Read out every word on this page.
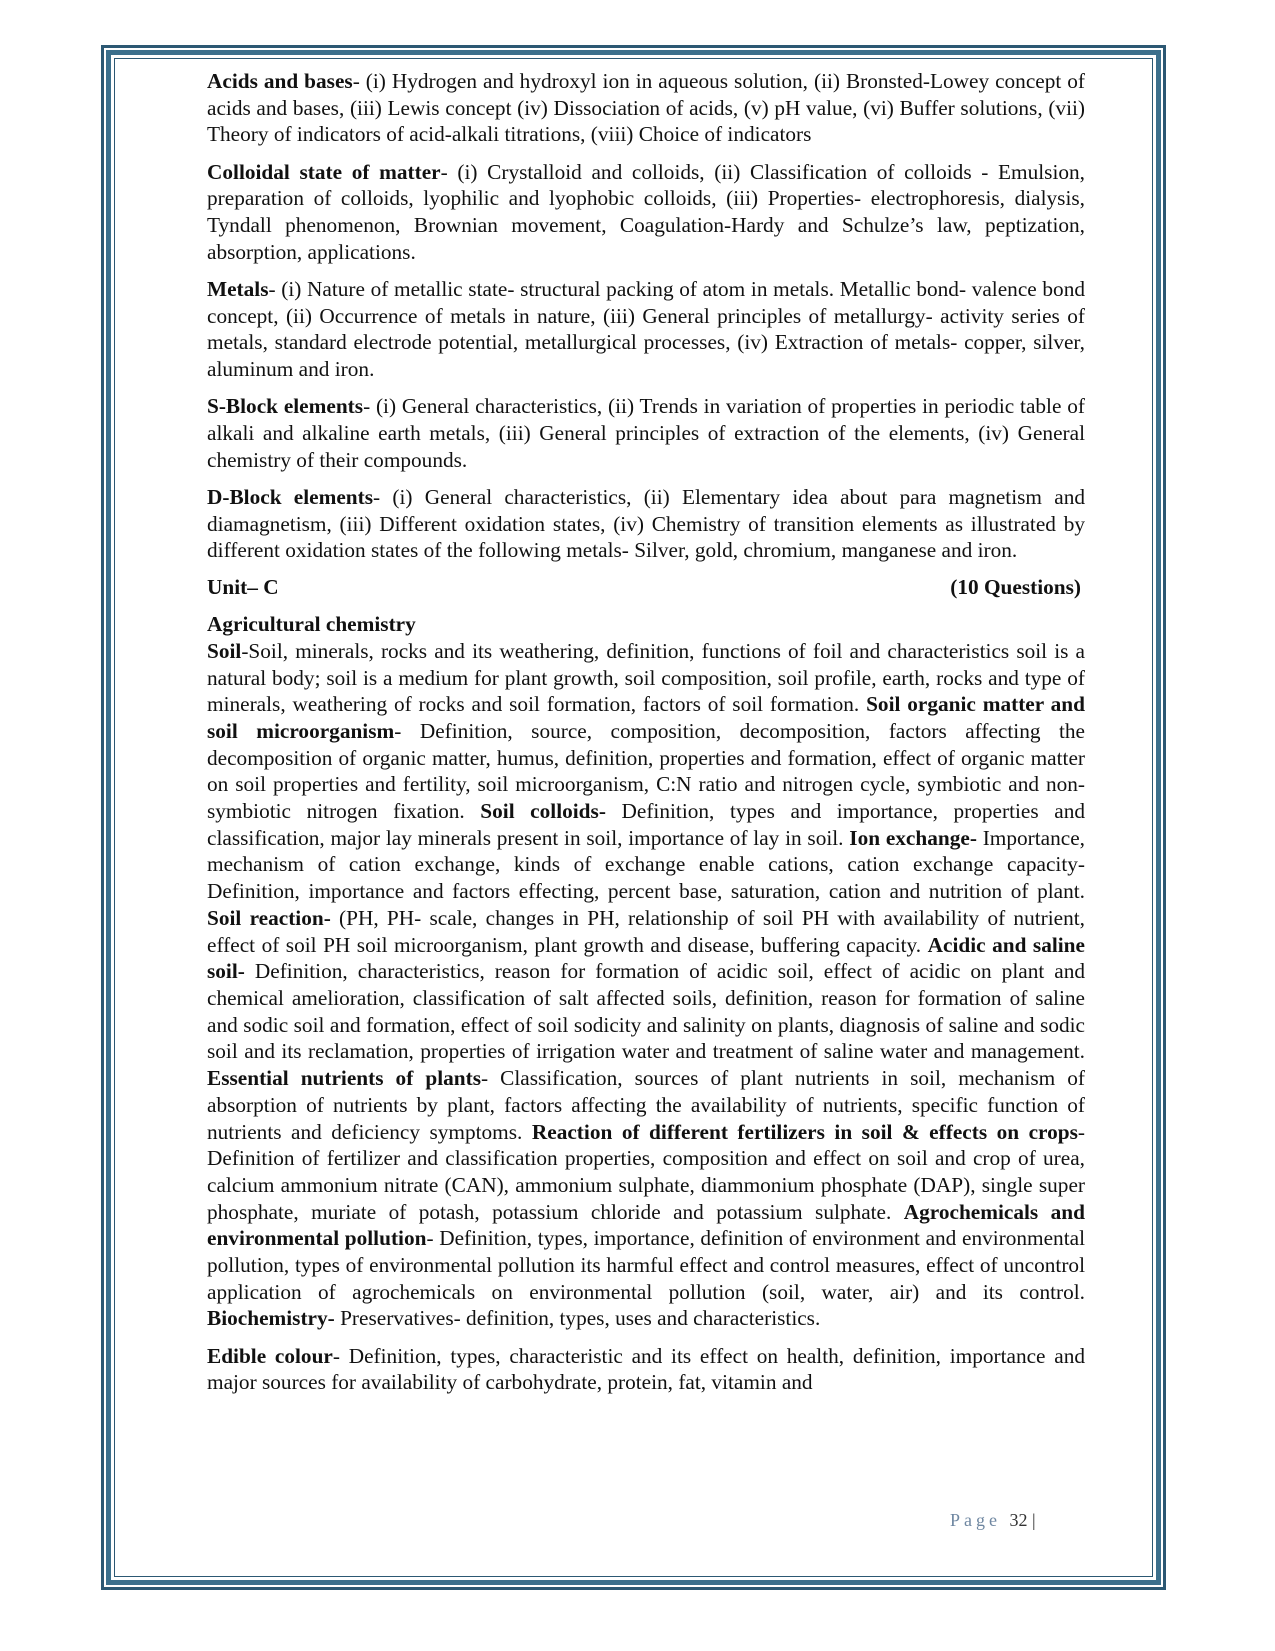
Acids and bases- (i) Hydrogen and hydroxyl ion in aqueous solution, (ii) Bronsted-Lowey concept of acids and bases, (iii) Lewis concept (iv) Dissociation of acids, (v) pH value, (vi) Buffer solutions, (vii) Theory of indicators of acid-alkali titrations, (viii) Choice of indicators

Colloidal state of matter- (i) Crystalloid and colloids, (ii) Classification of colloids - Emulsion, preparation of colloids, lyophilic and lyophobic colloids, (iii) Properties- electrophoresis, dialysis, Tyndall phenomenon, Brownian movement, Coagulation-Hardy and Schulze’s law, peptization, absorption, applications.

Metals- (i) Nature of metallic state- structural packing of atom in metals. Metallic bond- valence bond concept, (ii) Occurrence of metals in nature, (iii) General principles of metallurgy- activity series of metals, standard electrode potential, metallurgical processes, (iv) Extraction of metals- copper, silver, aluminum and iron.

S-Block elements- (i) General characteristics, (ii) Trends in variation of properties in periodic table of alkali and alkaline earth metals, (iii) General principles of extraction of the elements, (iv) General chemistry of their compounds.

D-Block elements- (i) General characteristics, (ii) Elementary idea about para magnetism and diamagnetism, (iii) Different oxidation states, (iv) Chemistry of transition elements as illustrated by different oxidation states of the following metals- Silver, gold, chromium, manganese and iron.

Unit– C	(10 Questions)

Agricultural chemistry

Soil-Soil, minerals, rocks and its weathering, definition, functions of foil and characteristics soil is a natural body; soil is a medium for plant growth, soil composition, soil profile, earth, rocks and type of minerals, weathering of rocks and soil formation, factors of soil formation. Soil organic matter and soil microorganism- Definition, source, composition, decomposition, factors affecting the decomposition of organic matter, humus, definition, properties and formation, effect of organic matter on soil properties and fertility, soil microorganism, C:N ratio and nitrogen cycle, symbiotic and non-symbiotic nitrogen fixation. Soil colloids- Definition, types and importance, properties and classification, major lay minerals present in soil, importance of lay in soil. Ion exchange- Importance, mechanism of cation exchange, kinds of exchange enable cations, cation exchange capacity- Definition, importance and factors effecting, percent base, saturation, cation and nutrition of plant. Soil reaction- (PH, PH- scale, changes in PH, relationship of soil PH with availability of nutrient, effect of soil PH soil microorganism, plant growth and disease, buffering capacity. Acidic and saline soil- Definition, characteristics, reason for formation of acidic soil, effect of acidic on plant and chemical amelioration, classification of salt affected soils, definition, reason for formation of saline and sodic soil and formation, effect of soil sodicity and salinity on plants, diagnosis of saline and sodic soil and its reclamation, properties of irrigation water and treatment of saline water and management. Essential nutrients of plants- Classification, sources of plant nutrients in soil, mechanism of absorption of nutrients by plant, factors affecting the availability of nutrients, specific function of nutrients and deficiency symptoms. Reaction of different fertilizers in soil & effects on crops- Definition of fertilizer and classification properties, composition and effect on soil and crop of urea, calcium ammonium nitrate (CAN), ammonium sulphate, diammonium phosphate (DAP), single super phosphate, muriate of potash, potassium chloride and potassium sulphate. Agrochemicals and environmental pollution- Definition, types, importance, definition of environment and environmental pollution, types of environmental pollution its harmful effect and control measures, effect of uncontrol application of agrochemicals on environmental pollution (soil, water, air) and its control. Biochemistry- Preservatives- definition, types, uses and characteristics.

Edible colour- Definition, types, characteristic and its effect on health, definition, importance and major sources for availability of carbohydrate, protein, fat, vitamin and

Page 32 |
